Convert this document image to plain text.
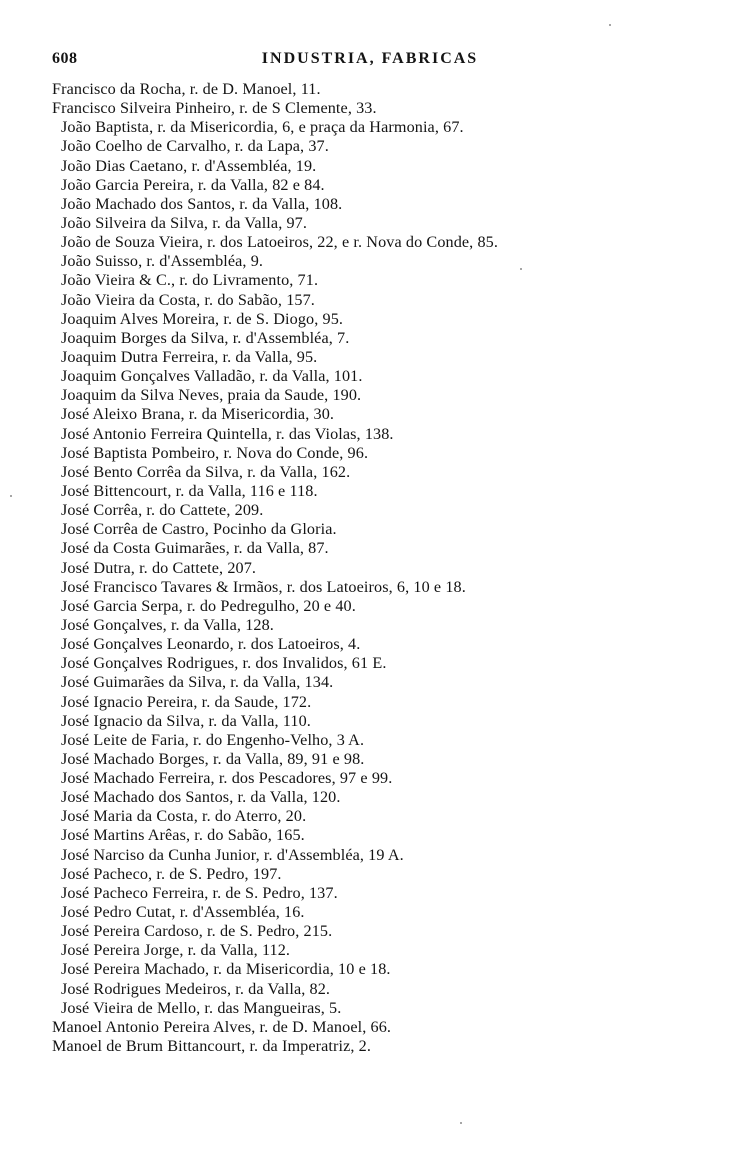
608	INDUSTRIA, FABRICAS
Francisco da Rocha, r. de D. Manoel, 11.
Francisco Silveira Pinheiro, r. de S Clemente, 33.
João Baptista, r. da Misericordia, 6, e praça da Harmonia, 67.
João Coelho de Carvalho, r. da Lapa, 37.
João Dias Caetano, r. d'Assembléa, 19.
João Garcia Pereira, r. da Valla, 82 e 84.
João Machado dos Santos, r. da Valla, 108.
João Silveira da Silva, r. da Valla, 97.
João de Souza Vieira, r. dos Latoeiros, 22, e r. Nova do Conde, 85.
João Suisso, r. d'Assembléa, 9.
João Vieira & C., r. do Livramento, 71.
João Vieira da Costa, r. do Sabão, 157.
Joaquim Alves Moreira, r. de S. Diogo, 95.
Joaquim Borges da Silva, r. d'Assembléa, 7.
Joaquim Dutra Ferreira, r. da Valla, 95.
Joaquim Gonçalves Valladão, r. da Valla, 101.
Joaquim da Silva Neves, praia da Saude, 190.
José Aleixo Brana, r. da Misericordia, 30.
José Antonio Ferreira Quintella, r. das Violas, 138.
José Baptista Pombeiro, r. Nova do Conde, 96.
José Bento Corrêa da Silva, r. da Valla, 162.
José Bittencourt, r. da Valla, 116 e 118.
José Corrêa, r. do Cattete, 209.
José Corrêa de Castro, Pocinho da Gloria.
José da Costa Guimarães, r. da Valla, 87.
José Dutra, r. do Cattete, 207.
José Francisco Tavares & Irmãos, r. dos Latoeiros, 6, 10 e 18.
José Garcia Serpa, r. do Pedregulho, 20 e 40.
José Gonçalves, r. da Valla, 128.
José Gonçalves Leonardo, r. dos Latoeiros, 4.
José Gonçalves Rodrigues, r. dos Invalidos, 61 E.
José Guimarães da Silva, r. da Valla, 134.
José Ignacio Pereira, r. da Saude, 172.
José Ignacio da Silva, r. da Valla, 110.
José Leite de Faria, r. do Engenho-Velho, 3 A.
José Machado Borges, r. da Valla, 89, 91 e 98.
José Machado Ferreira, r. dos Pescadores, 97 e 99.
José Machado dos Santos, r. da Valla, 120.
José Maria da Costa, r. do Aterro, 20.
José Martins Arêas, r. do Sabão, 165.
José Narciso da Cunha Junior, r. d'Assembléa, 19 A.
José Pacheco, r. de S. Pedro, 197.
José Pacheco Ferreira, r. de S. Pedro, 137.
José Pedro Cutat, r. d'Assembléa, 16.
José Pereira Cardoso, r. de S. Pedro, 215.
José Pereira Jorge, r. da Valla, 112.
José Pereira Machado, r. da Misericordia, 10 e 18.
José Rodrigues Medeiros, r. da Valla, 82.
José Vieira de Mello, r. das Mangueiras, 5.
Manoel Antonio Pereira Alves, r. de D. Manoel, 66.
Manoel de Brum Bittancourt, r. da Imperatriz, 2.
